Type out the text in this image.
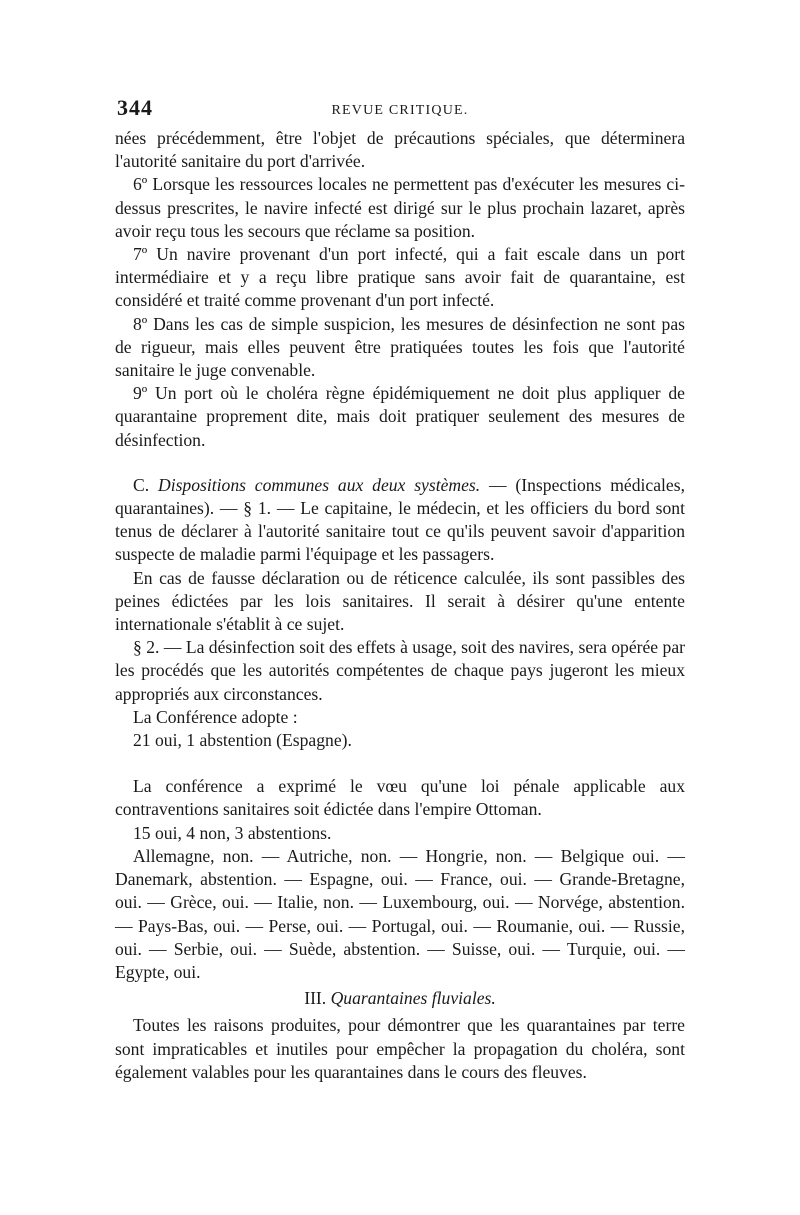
344	REVUE CRITIQUE.

nées précédemment, être l'objet de précautions spéciales, que déterminera l'autorité sanitaire du port d'arrivée.

6º Lorsque les ressources locales ne permettent pas d'exécuter les mesures ci-dessus prescrites, le navire infecté est dirigé sur le plus prochain lazaret, après avoir reçu tous les secours que réclame sa position.

7º Un navire provenant d'un port infecté, qui a fait escale dans un port intermédiaire et y a reçu libre pratique sans avoir fait de quarantaine, est considéré et traité comme provenant d'un port infecté.

8º Dans les cas de simple suspicion, les mesures de désinfection ne sont pas de rigueur, mais elles peuvent être pratiquées toutes les fois que l'autorité sanitaire le juge convenable.

9º Un port où le choléra règne épidémiquement ne doit plus appliquer de quarantaine proprement dite, mais doit pratiquer seulement des mesures de désinfection.

C. Dispositions communes aux deux systèmes. — (Inspections médicales, quarantaines). — § 1. — Le capitaine, le médecin, et les officiers du bord sont tenus de déclarer à l'autorité sanitaire tout ce qu'ils peuvent savoir d'apparition suspecte de maladie parmi l'équipage et les passagers.

En cas de fausse déclaration ou de réticence calculée, ils sont passibles des peines édictées par les lois sanitaires. Il serait à désirer qu'une entente internationale s'établit à ce sujet.

§ 2. — La désinfection soit des effets à usage, soit des navires, sera opérée par les procédés que les autorités compétentes de chaque pays jugeront les mieux appropriés aux circonstances.

La Conférence adopte :

21 oui, 1 abstention (Espagne).

La conférence a exprimé le vœu qu'une loi pénale applicable aux contraventions sanitaires soit édictée dans l'empire Ottoman.

15 oui, 4 non, 3 abstentions.

Allemagne, non. — Autriche, non. — Hongrie, non. — Belgique oui. — Danemark, abstention. — Espagne, oui. — France, oui. — Grande-Bretagne, oui. — Grèce, oui. — Italie, non. — Luxembourg, oui. — Norvége, abstention. — Pays-Bas, oui. — Perse, oui. — Portugal, oui. — Roumanie, oui. — Russie, oui. — Serbie, oui. — Suède, abstention. — Suisse, oui. — Turquie, oui. — Egypte, oui.

III. Quarantaines fluviales.

Toutes les raisons produites, pour démontrer que les quarantaines par terre sont impraticables et inutiles pour empêcher la propagation du choléra, sont également valables pour les quarantaines dans le cours des fleuves.
